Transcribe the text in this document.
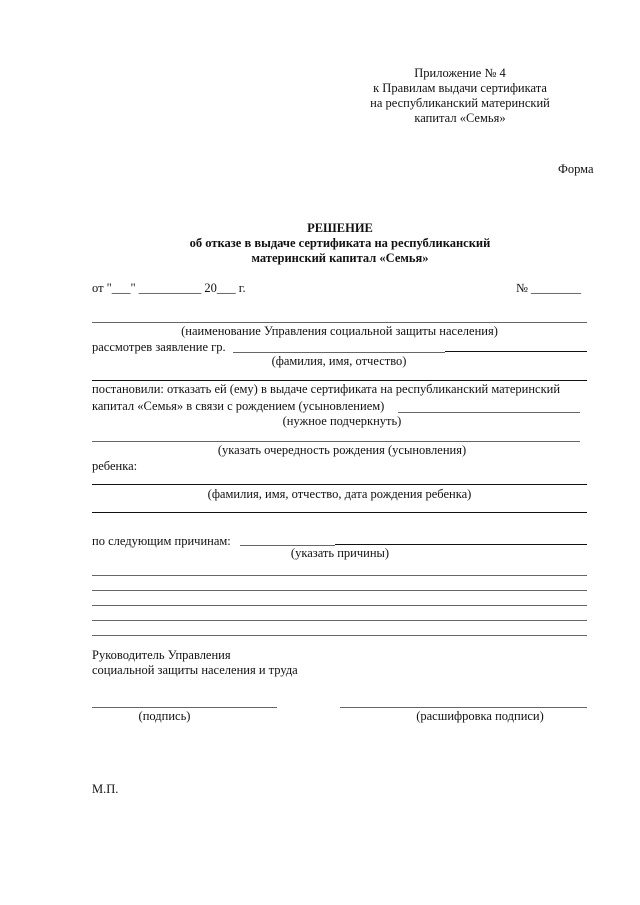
Приложение № 4
к Правилам выдачи сертификата
на республиканский материнский
капитал «Семья»
Форма
РЕШЕНИЕ
об отказе в выдаче сертификата на республиканский
материнский капитал «Семья»
от "___" __________ 20___ г.	№ ________
(наименование Управления социальной защиты населения)
рассмотрев заявление гр.
(фамилия, имя, отчество)
постановили: отказать ей (ему) в выдаче сертификата на республиканский материнский
капитал «Семья» в связи с рождением (усыновлением)
(нужное подчеркнуть)
(указать очередность рождения (усыновления)
ребенка:
(фамилия, имя, отчество, дата рождения ребенка)
по следующим причинам:
(указать причины)
Руководитель Управления
социальной защиты населения и труда
(подпись)	(расшифровка подписи)
М.П.
